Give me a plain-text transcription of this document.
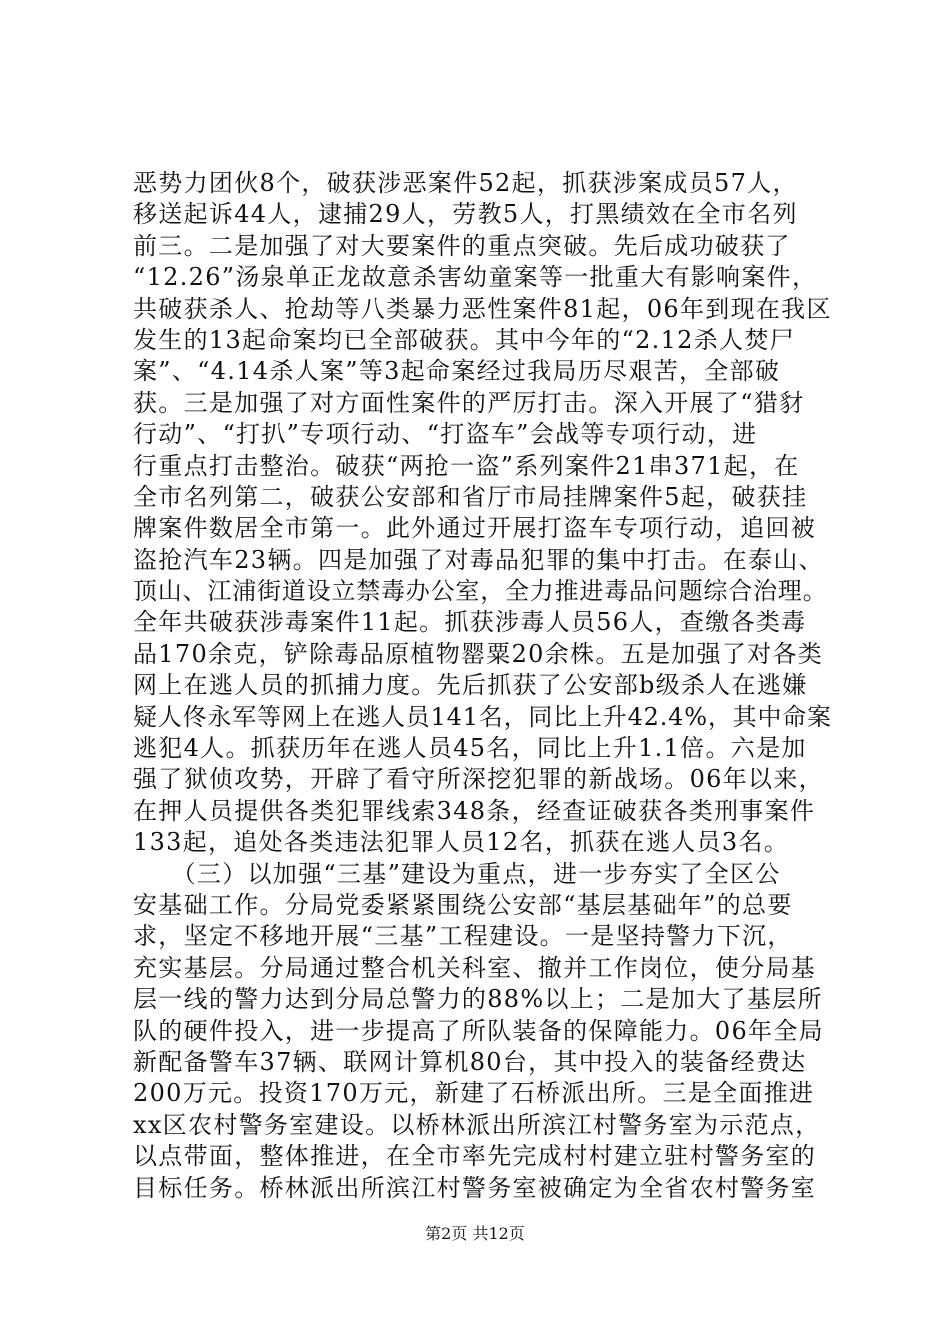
恶势力团伙8个，破获涉恶案件52起，抓获涉案成员57人，
移送起诉44人，逮捕29人，劳教5人，打黑绩效在全市名列
前三。二是加强了对大要案件的重点突破。先后成功破获了
“12.26”汤泉单正龙故意杀害幼童案等一批重大有影响案件，
共破获杀人、抢劫等八类暴力恶性案件81起，06年到现在我区
发生的13起命案均已全部破获。其中今年的“2.12杀人焚尸
案”、“4.14杀人案”等3起命案经过我局历尽艰苦，全部破
获。三是加强了对方面性案件的严厉打击。深入开展了“猎豺
行动”、“打扒”专项行动、“打盗车”会战等专项行动，进
行重点打击整治。破获“两抢一盗”系列案件21串371起，在
全市名列第二，破获公安部和省厅市局挂牌案件5起，破获挂
牌案件数居全市第一。此外通过开展打盗车专项行动，追回被
盗抢汽车23辆。四是加强了对毒品犯罪的集中打击。在泰山、
顶山、江浦街道设立禁毒办公室，全力推进毒品问题综合治理。
全年共破获涉毒案件11起。抓获涉毒人员56人，查缴各类毒
品170余克，铲除毒品原植物罂粟20余株。五是加强了对各类
网上在逃人员的抓捕力度。先后抓获了公安部b级杀人在逃嫌
疑人佟永军等网上在逃人员141名，同比上升42.4%，其中命案
逃犯4人。抓获历年在逃人员45名，同比上升1.1倍。六是加
强了狱侦攻势，开辟了看守所深挖犯罪的新战场。06年以来，
在押人员提供各类犯罪线索348条，经查证破获各类刑事案件
133起，追处各类违法犯罪人员12名，抓获在逃人员3名。
　　（三）以加强“三基”建设为重点，进一步夯实了全区公
安基础工作。分局党委紧紧围绕公安部“基层基础年”的总要
求，坚定不移地开展“三基”工程建设。一是坚持警力下沉，
充实基层。分局通过整合机关科室、撤并工作岗位，使分局基
层一线的警力达到分局总警力的88%以上；二是加大了基层所
队的硬件投入，进一步提高了所队装备的保障能力。06年全局
新配备警车37辆、联网计算机80台，其中投入的装备经费达
200万元。投资170万元，新建了石桥派出所。三是全面推进
xx区农村警务室建设。以桥林派出所滨江村警务室为示范点，
以点带面，整体推进，在全市率先完成村村建立驻村警务室的
目标任务。桥林派出所滨江村警务室被确定为全省农村警务室
第2页 共12页
